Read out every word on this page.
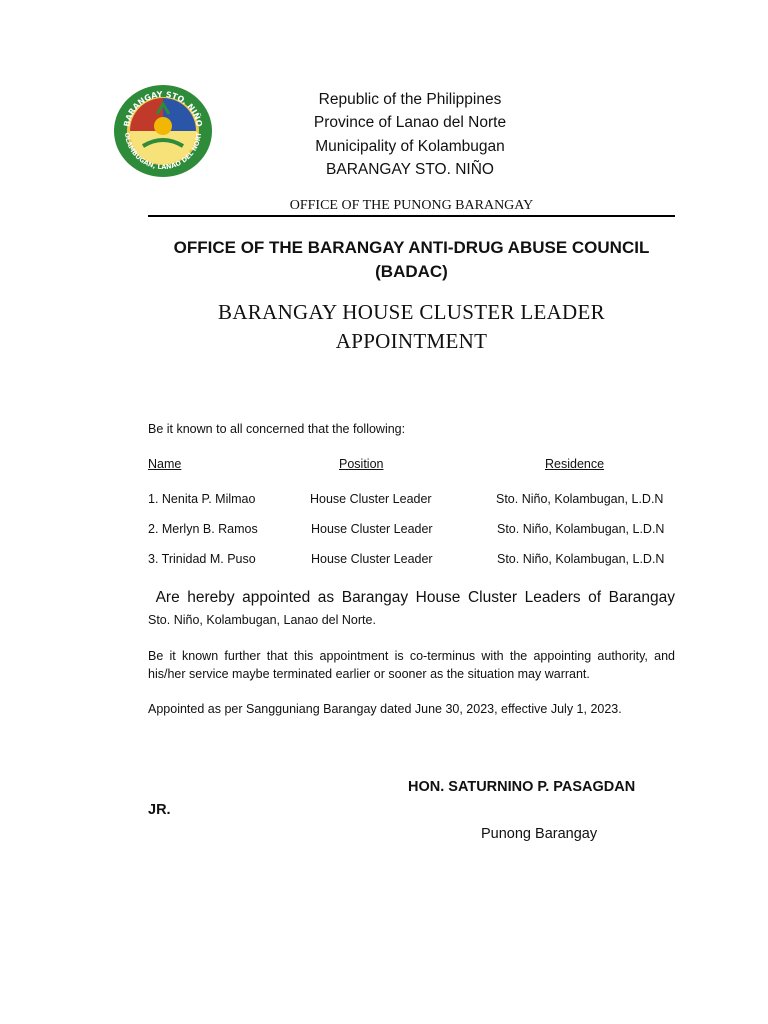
BARANGAY STO. NIÑO
OLAMBUGAN, LANAO DEL NORT
Republic of the Philippines
Province of Lanao del Norte
Municipality of Kolambugan
BARANGAY STO. NIÑO
OFFICE OF THE PUNONG BARANGAY
OFFICE OF THE BARANGAY ANTI-DRUG ABUSE COUNCIL
(BADAC)
BARANGAY HOUSE CLUSTER LEADER
APPOINTMENT
Be it known to all concerned that the following:
Name	Position	Residence
1. Nenita P. Milmao	House Cluster Leader	Sto. Niño, Kolambugan, L.D.N
2. Merlyn B. Ramos	House Cluster Leader	Sto. Niño, Kolambugan, L.D.N
3. Trinidad M. Puso	House Cluster Leader	Sto. Niño, Kolambugan, L.D.N
Are hereby appointed as Barangay House Cluster Leaders of Barangay
Sto. Niño, Kolambugan, Lanao del Norte.
Be it known further that this appointment is co-terminus with the appointing authority, and his/her service maybe terminated earlier or sooner as the situation may warrant.
Appointed as per Sangguniang Barangay dated June 30, 2023, effective July 1, 2023.
HON. SATURNINO P. PASAGDAN
JR.
Punong Barangay
